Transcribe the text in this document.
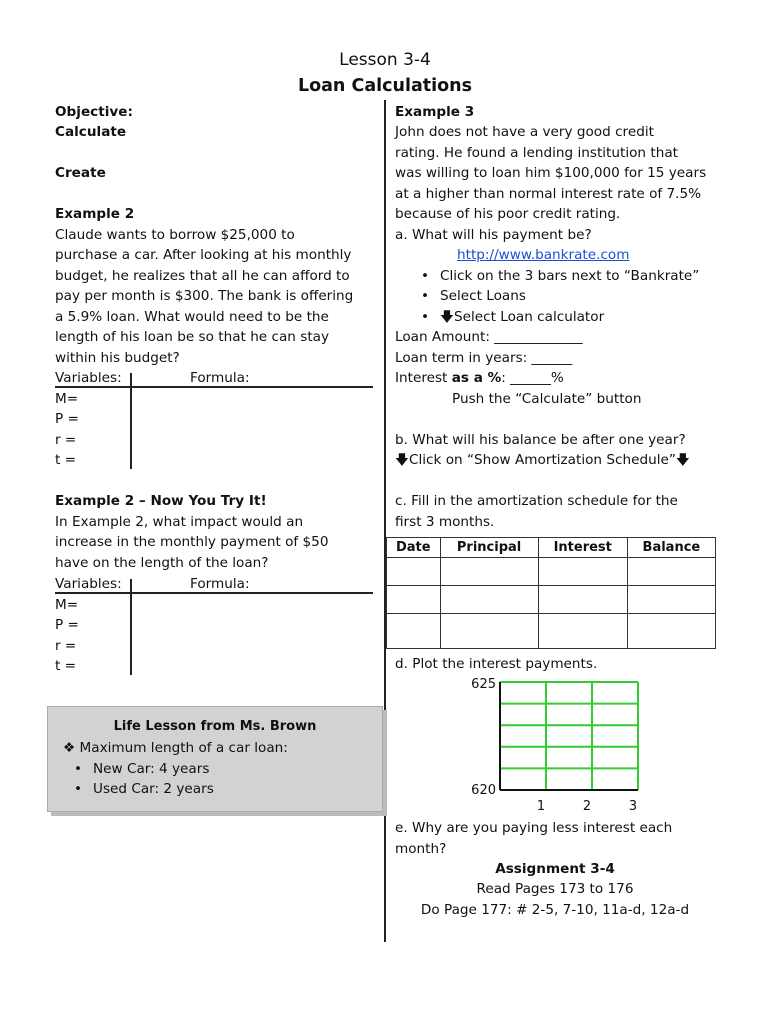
Lesson 3-4
Loan Calculations
Objective:
Calculate
Create
Example 2
Claude wants to borrow $25,000 to
purchase a car. After looking at his monthly
budget, he realizes that all he can afford to
pay per month is $300. The bank is offering
a 5.9% loan. What would need to be the
length of his loan be so that he can stay
within his budget?
Variables:	Formula:
M=
P =
r =
t =
Example 2 – Now You Try It!
In Example 2, what impact would an
increase in the monthly payment of $50
have on the length of the loan?
Variables:	Formula:
M=
P =
r =
t =
Life Lesson from Ms. Brown
❖ Maximum length of a car loan:
• New Car: 4 years
• Used Car: 2 years
Example 3
John does not have a very good credit
rating. He found a lending institution that
was willing to loan him $100,000 for 15 years
at a higher than normal interest rate of 7.5%
because of his poor credit rating.
a. What will his payment be?
http://www.bankrate.com
• Click on the 3 bars next to “Bankrate”
• Select Loans
• 🡇Select Loan calculator
Loan Amount: _____________
Loan term in years: ______
Interest as a %: ______%
Push the “Calculate” button
b. What will his balance be after one year?
🡇Click on “Show Amortization Schedule”🡇
c. Fill in the amortization schedule for the
first 3 months.
Date	Principal	Interest	Balance

d. Plot the interest payments.
625
620
1	2	3
e. Why are you paying less interest each
month?
Assignment 3-4
Read Pages 173 to 176
Do Page 177: # 2-5, 7-10, 11a-d, 12a-d
